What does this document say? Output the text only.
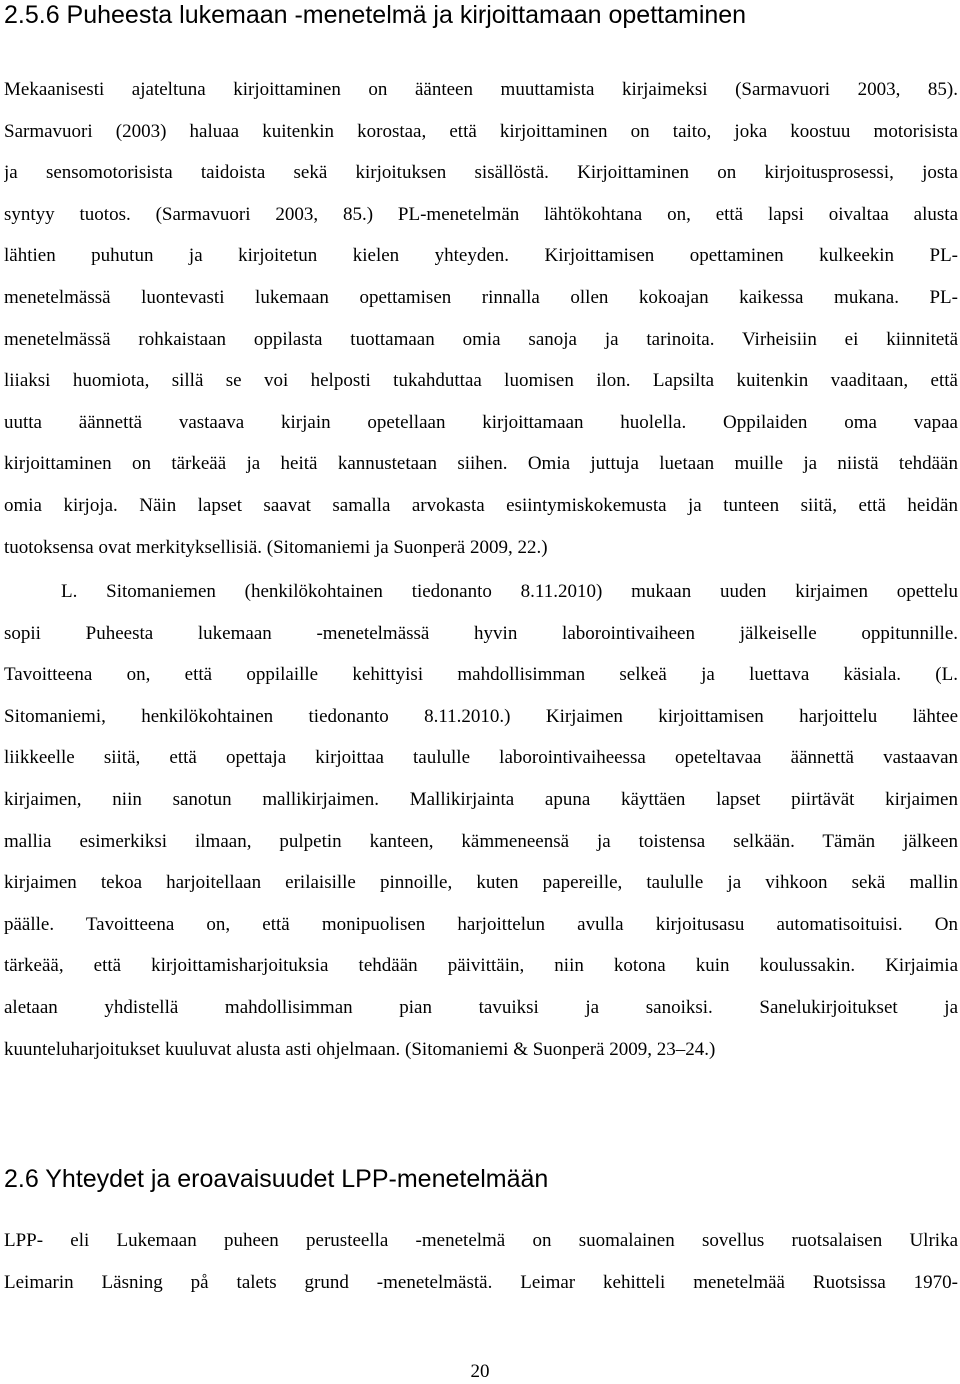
2.5.6 Puheesta lukemaan -menetelmä ja kirjoittamaan opettaminen
Mekaanisesti ajateltuna kirjoittaminen on äänteen muuttamista kirjaimeksi (Sarmavuori 2003, 85).
Sarmavuori (2003) haluaa kuitenkin korostaa, että kirjoittaminen on taito, joka koostuu motorisista
ja sensomotorisista taidoista sekä kirjoituksen sisällöstä. Kirjoittaminen on kirjoitusprosessi, josta
syntyy tuotos. (Sarmavuori 2003, 85.) PL-menetelmän lähtökohtana on, että lapsi oivaltaa alusta
lähtien puhutun ja kirjoitetun kielen yhteyden. Kirjoittamisen opettaminen kulkeekin PL-
menetelmässä luontevasti lukemaan opettamisen rinnalla ollen kokoajan kaikessa mukana. PL-
menetelmässä rohkaistaan oppilasta tuottamaan omia sanoja ja tarinoita. Virheisiin ei kiinnitetä
liiaksi huomiota, sillä se voi helposti tukahduttaa luomisen ilon. Lapsilta kuitenkin vaaditaan, että
uutta äännettä vastaava kirjain opetellaan kirjoittamaan huolella. Oppilaiden oma vapaa
kirjoittaminen on tärkeää ja heitä kannustetaan siihen. Omia juttuja luetaan muille ja niistä tehdään
omia kirjoja. Näin lapset saavat samalla arvokasta esiintymiskokemusta ja tunteen siitä, että heidän
tuotoksensa ovat merkityksellisiä. (Sitomaniemi ja Suonperä 2009, 22.)
L. Sitomaniemen (henkilökohtainen tiedonanto 8.11.2010) mukaan uuden kirjaimen opettelu
sopii Puheesta lukemaan -menetelmässä hyvin laborointivaiheen jälkeiselle oppitunnille.
Tavoitteena on, että oppilaille kehittyisi mahdollisimman selkeä ja luettava käsiala. (L.
Sitomaniemi, henkilökohtainen tiedonanto 8.11.2010.) Kirjaimen kirjoittamisen harjoittelu lähtee
liikkeelle siitä, että opettaja kirjoittaa taululle laborointivaiheessa opeteltavaa äännettä vastaavan
kirjaimen, niin sanotun mallikirjaimen. Mallikirjainta apuna käyttäen lapset piirtävät kirjaimen
mallia esimerkiksi ilmaan, pulpetin kanteen, kämmeneensä ja toistensa selkään. Tämän jälkeen
kirjaimen tekoa harjoitellaan erilaisille pinnoille, kuten papereille, taululle ja vihkoon sekä mallin
päälle. Tavoitteena on, että monipuolisen harjoittelun avulla kirjoitusasu automatisoituisi. On
tärkeää, että kirjoittamisharjoituksia tehdään päivittäin, niin kotona kuin koulussakin. Kirjaimia
aletaan yhdistellä mahdollisimman pian tavuiksi ja sanoiksi. Sanelukirjoitukset ja
kuunteluharjoitukset kuuluvat alusta asti ohjelmaan. (Sitomaniemi & Suonperä 2009, 23–24.)
2.6 Yhteydet ja eroavaisuudet LPP-menetelmään
LPP- eli Lukemaan puheen perusteella -menetelmä on suomalainen sovellus ruotsalaisen Ulrika
Leimarin Läsning på talets grund -menetelmästä. Leimar kehitteli menetelmää Ruotsissa 1970-
20
